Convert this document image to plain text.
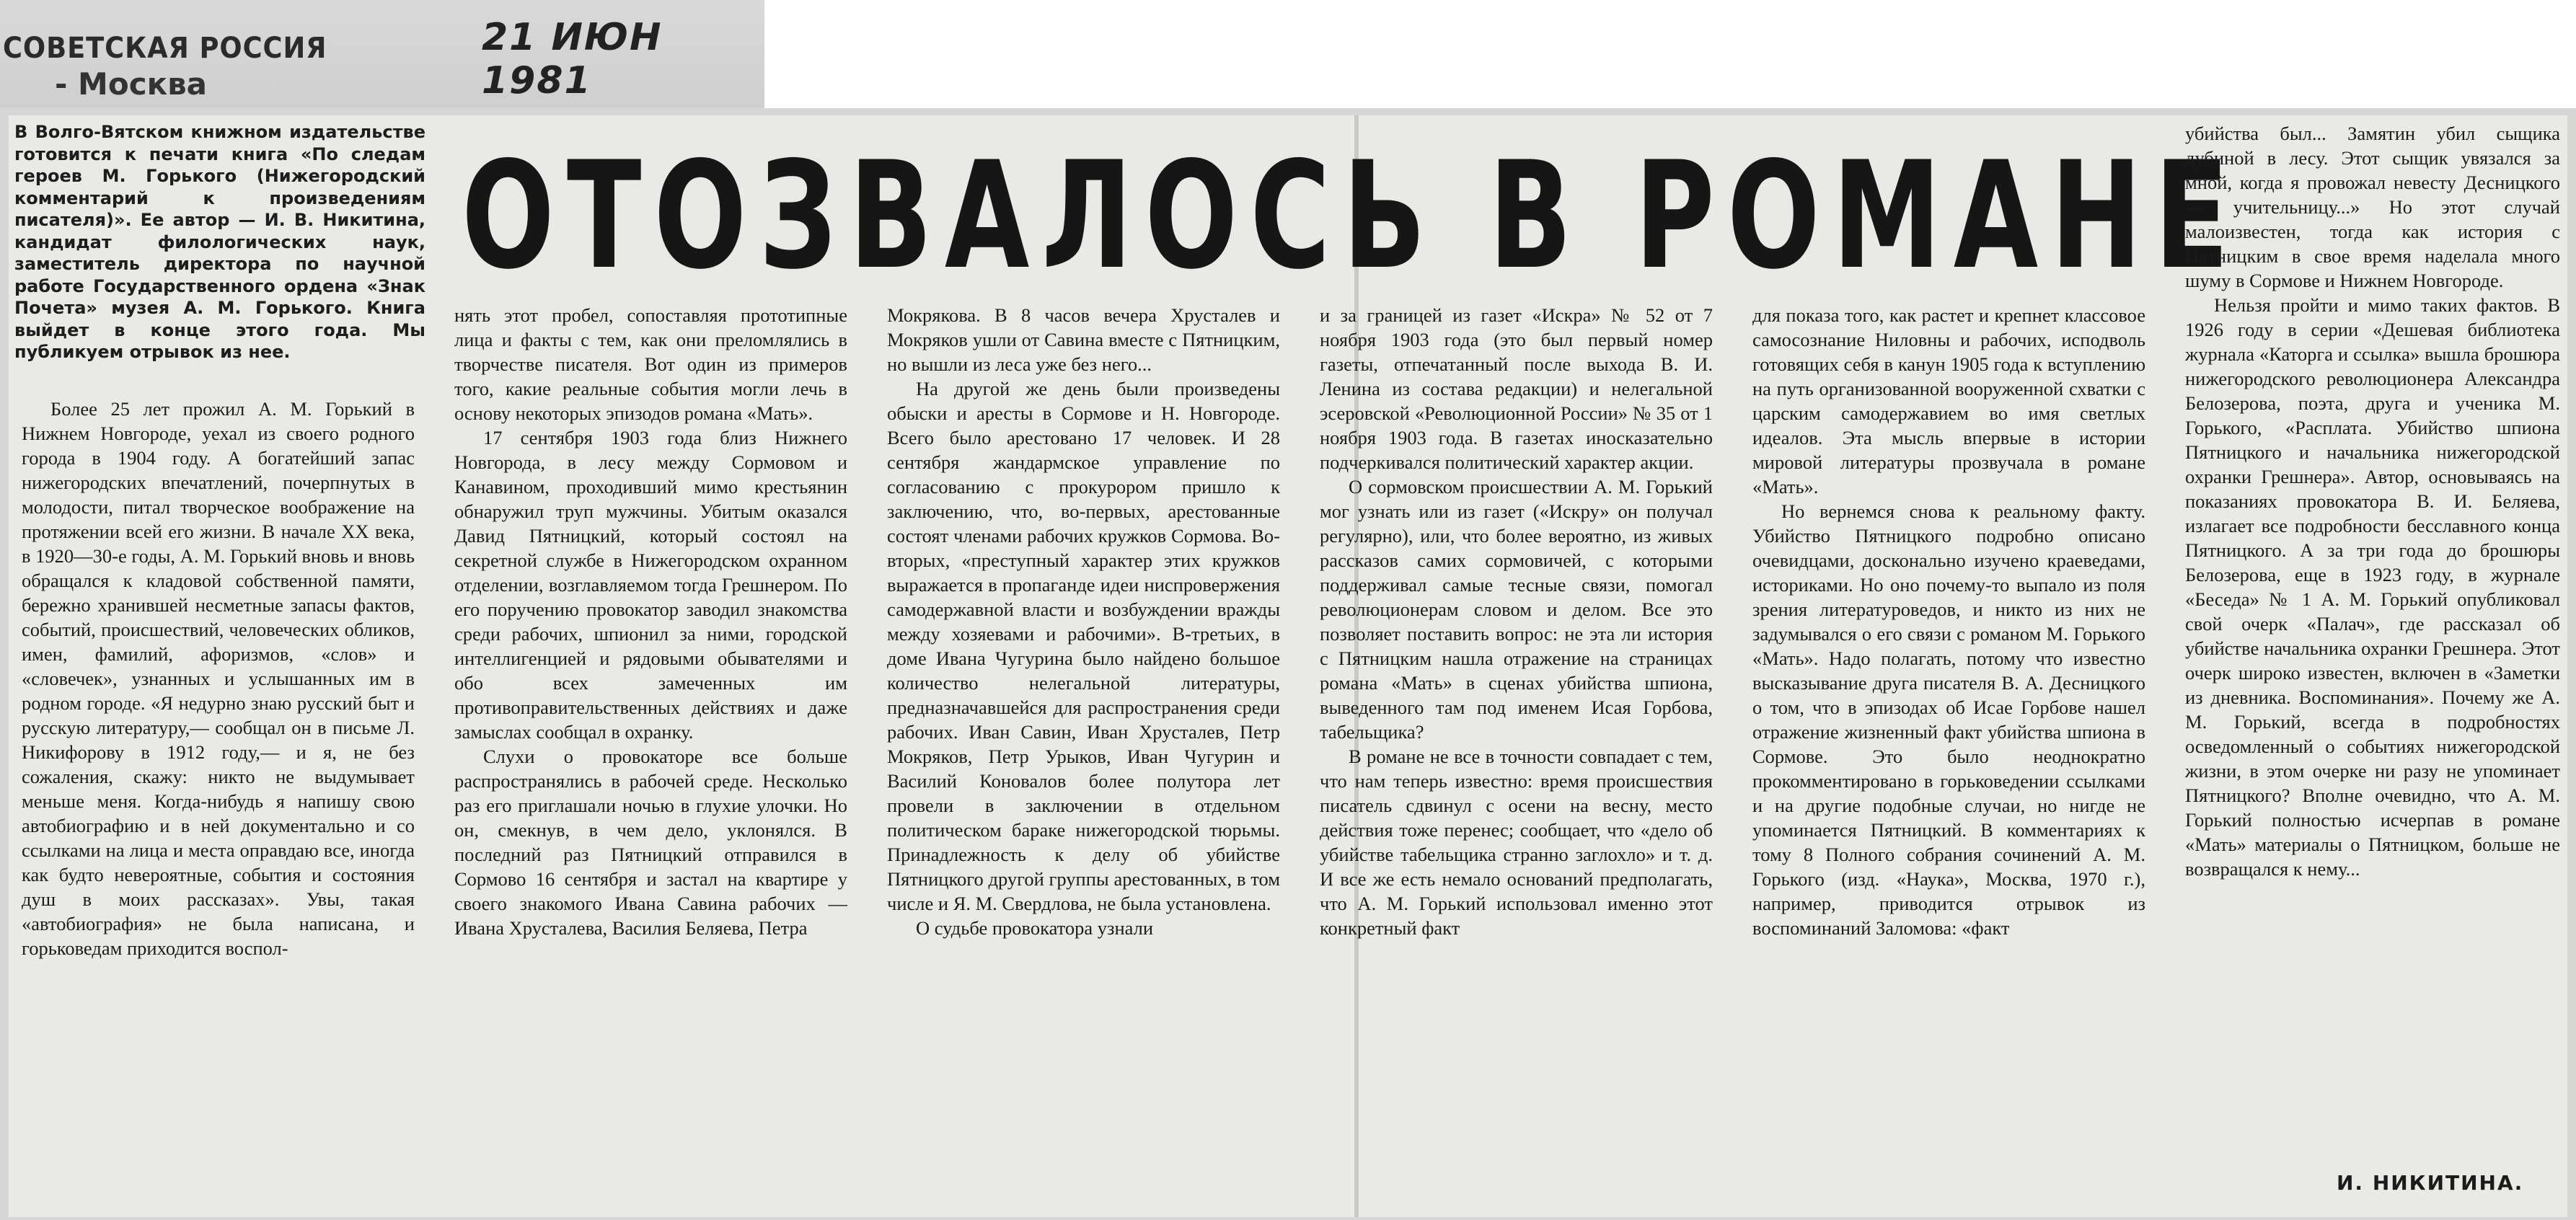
СОВЕТСКАЯ РОССИЯ
- Москва
21 ИЮН 1981
В Волго-Вятском книжном издательстве готовится к печати книга «По следам героев М. Горького (Нижегородский комментарий к произведениям писателя)». Ее автор — И. В. Никитина, кандидат филологических наук, заместитель директора по научной работе Государственного ордена «Знак Почета» музея А. М. Горького. Книга выйдет в конце этого года. Мы публикуем отрывок из нее.
ОТОЗВАЛОСЬ В РОМАНЕ

Более 25 лет прожил А. М. Горький в Нижнем Новгороде, уехал из своего родного города в 1904 году. А богатейший запас нижегородских впечатлений, почерпнутых в молодости, питал творческое воображение на протяжении всей его жизни. В начале XX века, в 1920—30-е годы, А. М. Горький вновь и вновь обращался к кладовой собственной памяти, бережно хранившей несметные запасы фактов, событий, происшествий, человеческих обликов, имен, фамилий, афоризмов, «слов» и «словечек», узнанных и услышанных им в родном городе. «Я недурно знаю русский быт и русскую литературу,— сообщал он в письме Л. Никифорову в 1912 году,— и я, не без сожаления, скажу: никто не выдумывает меньше меня. Когда-нибудь я напишу свою автобиографию и в ней документально и со ссылками на лица и места оправдаю все, иногда как будто невероятные, события и состояния душ в моих рассказах». Увы, такая «автобиография» не была написана, и горьковедам приходится воспол-

нять этот пробел, сопоставляя прототипные лица и факты с тем, как они преломлялись в творчестве писателя. Вот один из примеров того, какие реальные события могли лечь в основу некоторых эпизодов романа «Мать».

17 сентября 1903 года близ Нижнего Новгорода, в лесу между Сормовом и Канавином, проходивший мимо крестьянин обнаружил труп мужчины. Убитым оказался Давид Пятницкий, который состоял на секретной службе в Нижегородском охранном отделении, возглавляемом тогда Грешнером. По его поручению провокатор заводил знакомства среди рабочих, шпионил за ними, городской интеллигенцией и рядовыми обывателями и обо всех замеченных им противоправительственных действиях и даже замыслах сообщал в охранку.

Слухи о провокаторе все больше распространялись в рабочей среде. Несколько раз его приглашали ночью в глухие улочки. Но он, смекнув, в чем дело, уклонялся. В последний раз Пятницкий отправился в Сормово 16 сентября и застал на квартире у своего знакомого Ивана Савина рабочих — Ивана Хрусталева, Василия Беляева, Петра

Мокрякова. В 8 часов вечера Хрусталев и Мокряков ушли от Савина вместе с Пятницким, но вышли из леса уже без него...

На другой же день были произведены обыски и аресты в Сормове и Н. Новгороде. Всего было арестовано 17 человек. И 28 сентября жандармское управление по согласованию с прокурором пришло к заключению, что, во-первых, арестованные состоят членами рабочих кружков Сормова. Во-вторых, «преступный характер этих кружков выражается в пропаганде идеи ниспровержения самодержавной власти и возбуждении вражды между хозяевами и рабочими». В-третьих, в доме Ивана Чугурина было найдено большое количество нелегальной литературы, предназначавшейся для распространения среди рабочих. Иван Савин, Иван Хрусталев, Петр Мокряков, Петр Урыков, Иван Чугурин и Василий Коновалов более полутора лет провели в заключении в отдельном политическом бараке нижегородской тюрьмы. Принадлежность к делу об убийстве Пятницкого другой группы арестованных, в том числе и Я. М. Свердлова, не была установлена.

О судьбе провокатора узнали

и за границей из газет «Искра» № 52 от 7 ноября 1903 года (это был первый номер газеты, отпечатанный после выхода В. И. Ленина из состава редакции) и нелегальной эсеровской «Революционной России» № 35 от 1 ноября 1903 года. В газетах иносказательно подчеркивался политический характер акции.

О сормовском происшествии А. М. Горький мог узнать или из газет («Искру» он получал регулярно), или, что более вероятно, из живых рассказов самих сормовичей, с которыми поддерживал самые тесные связи, помогал революционерам словом и делом. Все это позволяет поставить вопрос: не эта ли история с Пятницким нашла отражение на страницах романа «Мать» в сценах убийства шпиона, выведенного там под именем Исая Горбова, табельщика?

В романе не все в точности совпадает с тем, что нам теперь известно: время происшествия писатель сдвинул с осени на весну, место действия тоже перенес; сообщает, что «дело об убийстве табельщика странно заглохло» и т. д. И все же есть немало оснований предполагать, что А. М. Горький использовал именно этот конкретный факт

для показа того, как растет и крепнет классовое самосознание Ниловны и рабочих, исподволь готовящих себя в канун 1905 года к вступлению на путь организованной вооруженной схватки с царским самодержавием во имя светлых идеалов. Эта мысль впервые в истории мировой литературы прозвучала в романе «Мать».

Но вернемся снова к реальному факту. Убийство Пятницкого подробно описано очевидцами, досконально изучено краеведами, историками. Но оно почему-то выпало из поля зрения литературоведов, и никто из них не задумывался о его связи с романом М. Горького «Мать». Надо полагать, потому что известно высказывание друга писателя В. А. Десницкого о том, что в эпизодах об Исае Горбове нашел отражение жизненный факт убийства шпиона в Сормове. Это было неоднократно прокомментировано в горьковедении ссылками и на другие подобные случаи, но нигде не упоминается Пятницкий. В комментариях к тому 8 Полного собрания сочинений А. М. Горького (изд. «Наука», Москва, 1970 г.), например, приводится отрывок из воспоминаний Заломова: «факт

убийства был... Замятин убил сыщика дубиной в лесу. Этот сыщик увязался за мной, когда я провожал невесту Десницкого — учительницу...» Но этот случай малоизвестен, тогда как история с Пятницким в свое время наделала много шуму в Сормове и Нижнем Новгороде.

Нельзя пройти и мимо таких фактов. В 1926 году в серии «Дешевая библиотека журнала «Каторга и ссылка» вышла брошюра нижегородского революционера Александра Белозерова, поэта, друга и ученика М. Горького, «Расплата. Убийство шпиона Пятницкого и начальника нижегородской охранки Грешнера». Автор, основываясь на показаниях провокатора В. И. Беляева, излагает все подробности бесславного конца Пятницкого. А за три года до брошюры Белозерова, еще в 1923 году, в журнале «Беседа» № 1 А. М. Горький опубликовал свой очерк «Палач», где рассказал об убийстве начальника охранки Грешнера. Этот очерк широко известен, включен в «Заметки из дневника. Воспоминания». Почему же А. М. Горький, всегда в подробностях осведомленный о событиях нижегородской жизни, в этом очерке ни разу не упоминает Пятницкого? Вполне очевидно, что А. М. Горький полностью исчерпав в романе «Мать» материалы о Пятницком, больше не возвращался к нему...

И. НИКИТИНА.
